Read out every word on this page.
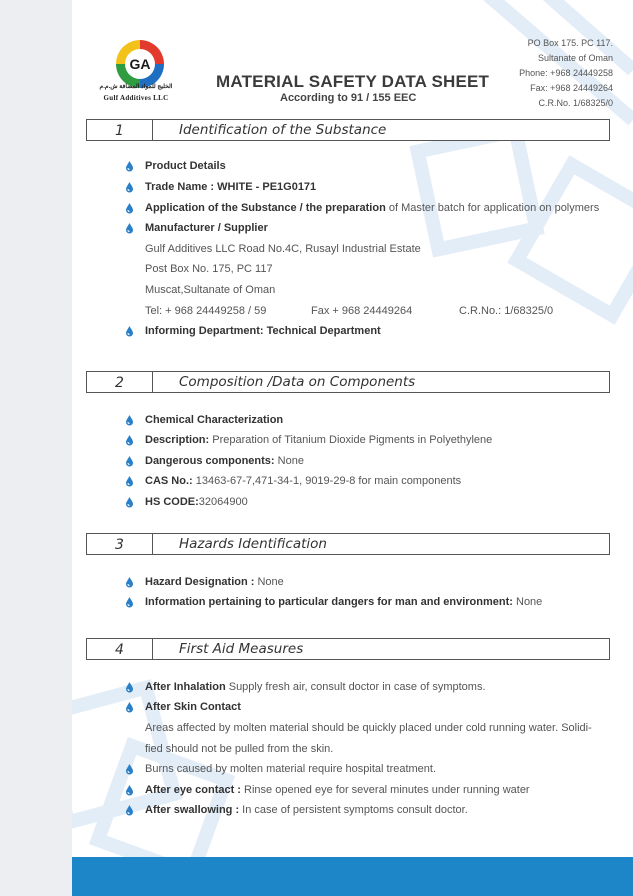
GA
الخليج للمواد المضافة ش.م.م
Gulf Additives LLC
MATERIAL SAFETY DATA SHEET
According to 91 / 155 EEC
PO Box 175. PC 117.
Sultanate of Oman
Phone: +968 24449258
Fax: +968 24449264
C.R.No. 1/68325/0
1	Identification of the Substance
Product Details
Trade Name : WHITE - PE1G0171
Application of the Substance / the preparation of Master batch for application on polymers
Manufacturer / Supplier
Gulf Additives LLC Road No.4C, Rusayl Industrial Estate
Post Box No. 175, PC 117
Muscat,Sultanate of Oman
Tel: + 968 24449258 / 59	Fax + 968 24449264	C.R.No.: 1/68325/0
Informing Department: Technical Department
2	Composition /Data on Components
Chemical Characterization
Description: Preparation of Titanium Dioxide Pigments in Polyethylene
Dangerous components: None
CAS No.: 13463-67-7,471-34-1, 9019-29-8 for main components
HS CODE:32064900
3	Hazards Identification
Hazard Designation : None
Information pertaining to particular dangers for man and environment: None
4	First Aid Measures
After Inhalation Supply fresh air, consult doctor in case of symptoms.
After Skin Contact
Areas affected by molten material should be quickly placed under cold running water. Solidi-
fied should not be pulled from the skin.
Burns caused by molten material require hospital treatment.
After eye contact : Rinse opened eye for several minutes under running water
After swallowing : In case of persistent symptoms consult doctor.
